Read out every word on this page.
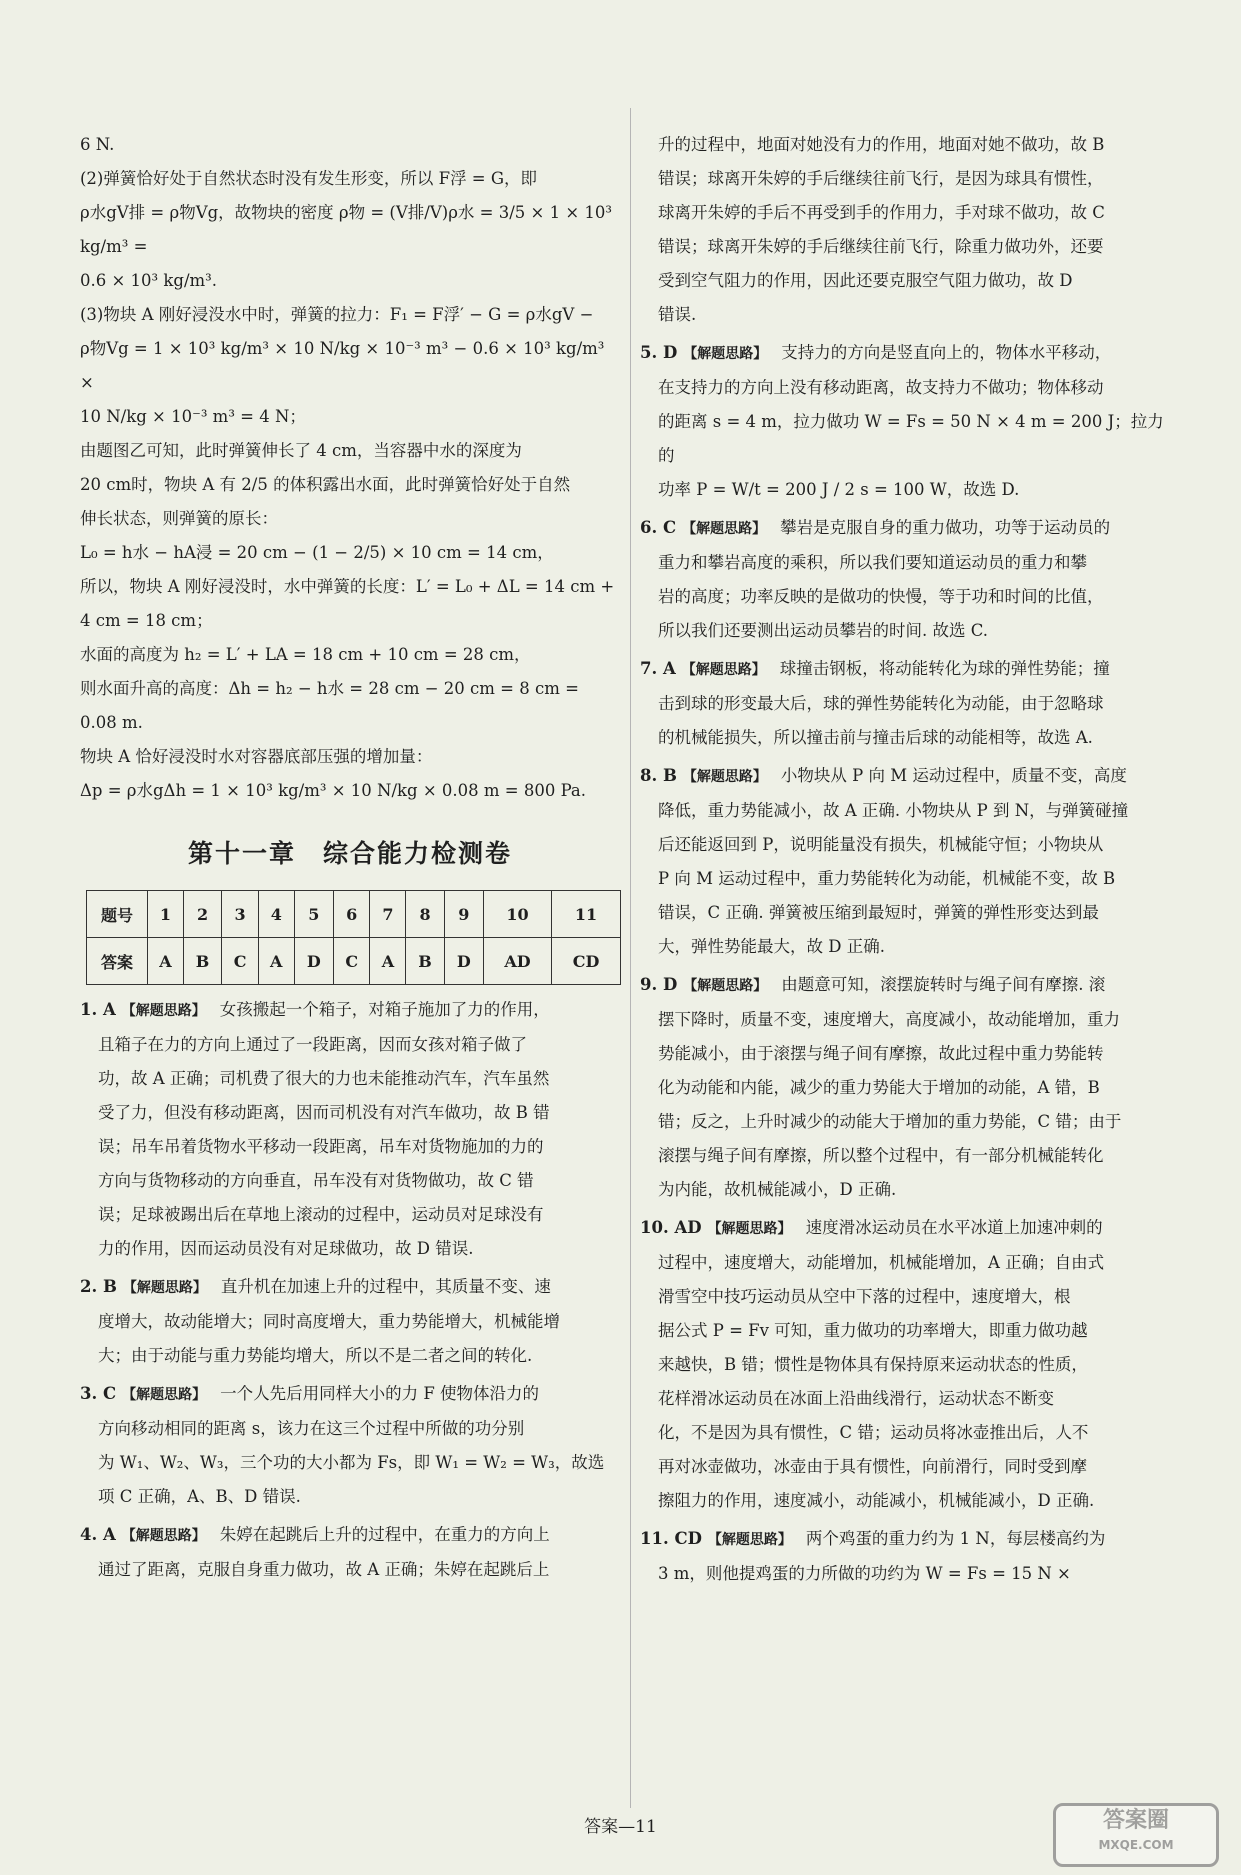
6 N.
(2)弹簧恰好处于自然状态时没有发生形变，所以 F浮 = G，即
ρ水gV排 = ρ物Vg，故物块的密度 ρ物 = (V排/V)ρ水 = 3/5 × 1 × 10³ kg/m³ =
0.6 × 10³ kg/m³.
(3)物块 A 刚好浸没水中时，弹簧的拉力：F₁ = F浮′ − G = ρ水gV −
ρ物Vg = 1 × 10³ kg/m³ × 10 N/kg × 10⁻³ m³ − 0.6 × 10³ kg/m³ ×
10 N/kg × 10⁻³ m³ = 4 N；
由题图乙可知，此时弹簧伸长了 4 cm，当容器中水的深度为
20 cm时，物块 A 有 2/5 的体积露出水面，此时弹簧恰好处于自然
伸长状态，则弹簧的原长：
L₀ = h水 − hA浸 = 20 cm − (1 − 2/5) × 10 cm = 14 cm，
所以，物块 A 刚好浸没时，水中弹簧的长度：L′ = L₀ + ΔL = 14 cm +
4 cm = 18 cm；
水面的高度为 h₂ = L′ + LA = 18 cm + 10 cm = 28 cm，
则水面升高的高度：Δh = h₂ − h水 = 28 cm − 20 cm = 8 cm = 0.08 m.
物块 A 恰好浸没时水对容器底部压强的增加量：
Δp = ρ水gΔh = 1 × 10³ kg/m³ × 10 N/kg × 0.08 m = 800 Pa.
第十一章　综合能力检测卷
题号	1	2	3	4	5	6	7	8	9	10	11
答案	A	B	C	A	D	C	A	B	D	AD	CD
1. A 【解题思路】 女孩搬起一个箱子，对箱子施加了力的作用，
且箱子在力的方向上通过了一段距离，因而女孩对箱子做了
功，故 A 正确；司机费了很大的力也未能推动汽车，汽车虽然
受了力，但没有移动距离，因而司机没有对汽车做功，故 B 错
误；吊车吊着货物水平移动一段距离，吊车对货物施加的力的
方向与货物移动的方向垂直，吊车没有对货物做功，故 C 错
误；足球被踢出后在草地上滚动的过程中，运动员对足球没有
力的作用，因而运动员没有对足球做功，故 D 错误.
2. B 【解题思路】 直升机在加速上升的过程中，其质量不变、速
度增大，故动能增大；同时高度增大，重力势能增大，机械能增
大；由于动能与重力势能均增大，所以不是二者之间的转化.
3. C 【解题思路】 一个人先后用同样大小的力 F 使物体沿力的
方向移动相同的距离 s，该力在这三个过程中所做的功分别
为 W₁、W₂、W₃，三个功的大小都为 Fs，即 W₁ = W₂ = W₃，故选
项 C 正确，A、B、D 错误.
4. A 【解题思路】 朱婷在起跳后上升的过程中，在重力的方向上
通过了距离，克服自身重力做功，故 A 正确；朱婷在起跳后上
升的过程中，地面对她没有力的作用，地面对她不做功，故 B
错误；球离开朱婷的手后继续往前飞行，是因为球具有惯性，
球离开朱婷的手后不再受到手的作用力，手对球不做功，故 C
错误；球离开朱婷的手后继续往前飞行，除重力做功外，还要
受到空气阻力的作用，因此还要克服空气阻力做功，故 D
错误.
5. D 【解题思路】 支持力的方向是竖直向上的，物体水平移动，
在支持力的方向上没有移动距离，故支持力不做功；物体移动
的距离 s = 4 m，拉力做功 W = Fs = 50 N × 4 m = 200 J；拉力的
功率 P = W/t = 200 J / 2 s = 100 W，故选 D.
6. C 【解题思路】 攀岩是克服自身的重力做功，功等于运动员的
重力和攀岩高度的乘积，所以我们要知道运动员的重力和攀
岩的高度；功率反映的是做功的快慢，等于功和时间的比值，
所以我们还要测出运动员攀岩的时间. 故选 C.
7. A 【解题思路】 球撞击钢板，将动能转化为球的弹性势能；撞
击到球的形变最大后，球的弹性势能转化为动能，由于忽略球
的机械能损失，所以撞击前与撞击后球的动能相等，故选 A.
8. B 【解题思路】 小物块从 P 向 M 运动过程中，质量不变，高度
降低，重力势能减小，故 A 正确. 小物块从 P 到 N，与弹簧碰撞
后还能返回到 P，说明能量没有损失，机械能守恒；小物块从
P 向 M 运动过程中，重力势能转化为动能，机械能不变，故 B
错误，C 正确. 弹簧被压缩到最短时，弹簧的弹性形变达到最
大，弹性势能最大，故 D 正确.
9. D 【解题思路】 由题意可知，滚摆旋转时与绳子间有摩擦. 滚
摆下降时，质量不变，速度增大，高度减小，故动能增加，重力
势能减小，由于滚摆与绳子间有摩擦，故此过程中重力势能转
化为动能和内能，减少的重力势能大于增加的动能，A 错，B
错；反之，上升时减少的动能大于增加的重力势能，C 错；由于
滚摆与绳子间有摩擦，所以整个过程中，有一部分机械能转化
为内能，故机械能减小，D 正确.
10. AD 【解题思路】 速度滑冰运动员在水平冰道上加速冲刺的
过程中，速度增大，动能增加，机械能增加，A 正确；自由式
滑雪空中技巧运动员从空中下落的过程中，速度增大，根
据公式 P = Fv 可知，重力做功的功率增大，即重力做功越
来越快，B 错；惯性是物体具有保持原来运动状态的性质，
花样滑冰运动员在冰面上沿曲线滑行，运动状态不断变
化，不是因为具有惯性，C 错；运动员将冰壶推出后，人不
再对冰壶做功，冰壶由于具有惯性，向前滑行，同时受到摩
擦阻力的作用，速度减小，动能减小，机械能减小，D 正确.
11. CD 【解题思路】 两个鸡蛋的重力约为 1 N，每层楼高约为
3 m，则他提鸡蛋的力所做的功约为 W = Fs = 15 N ×
答案—11	答案圈
MXQE.COM
